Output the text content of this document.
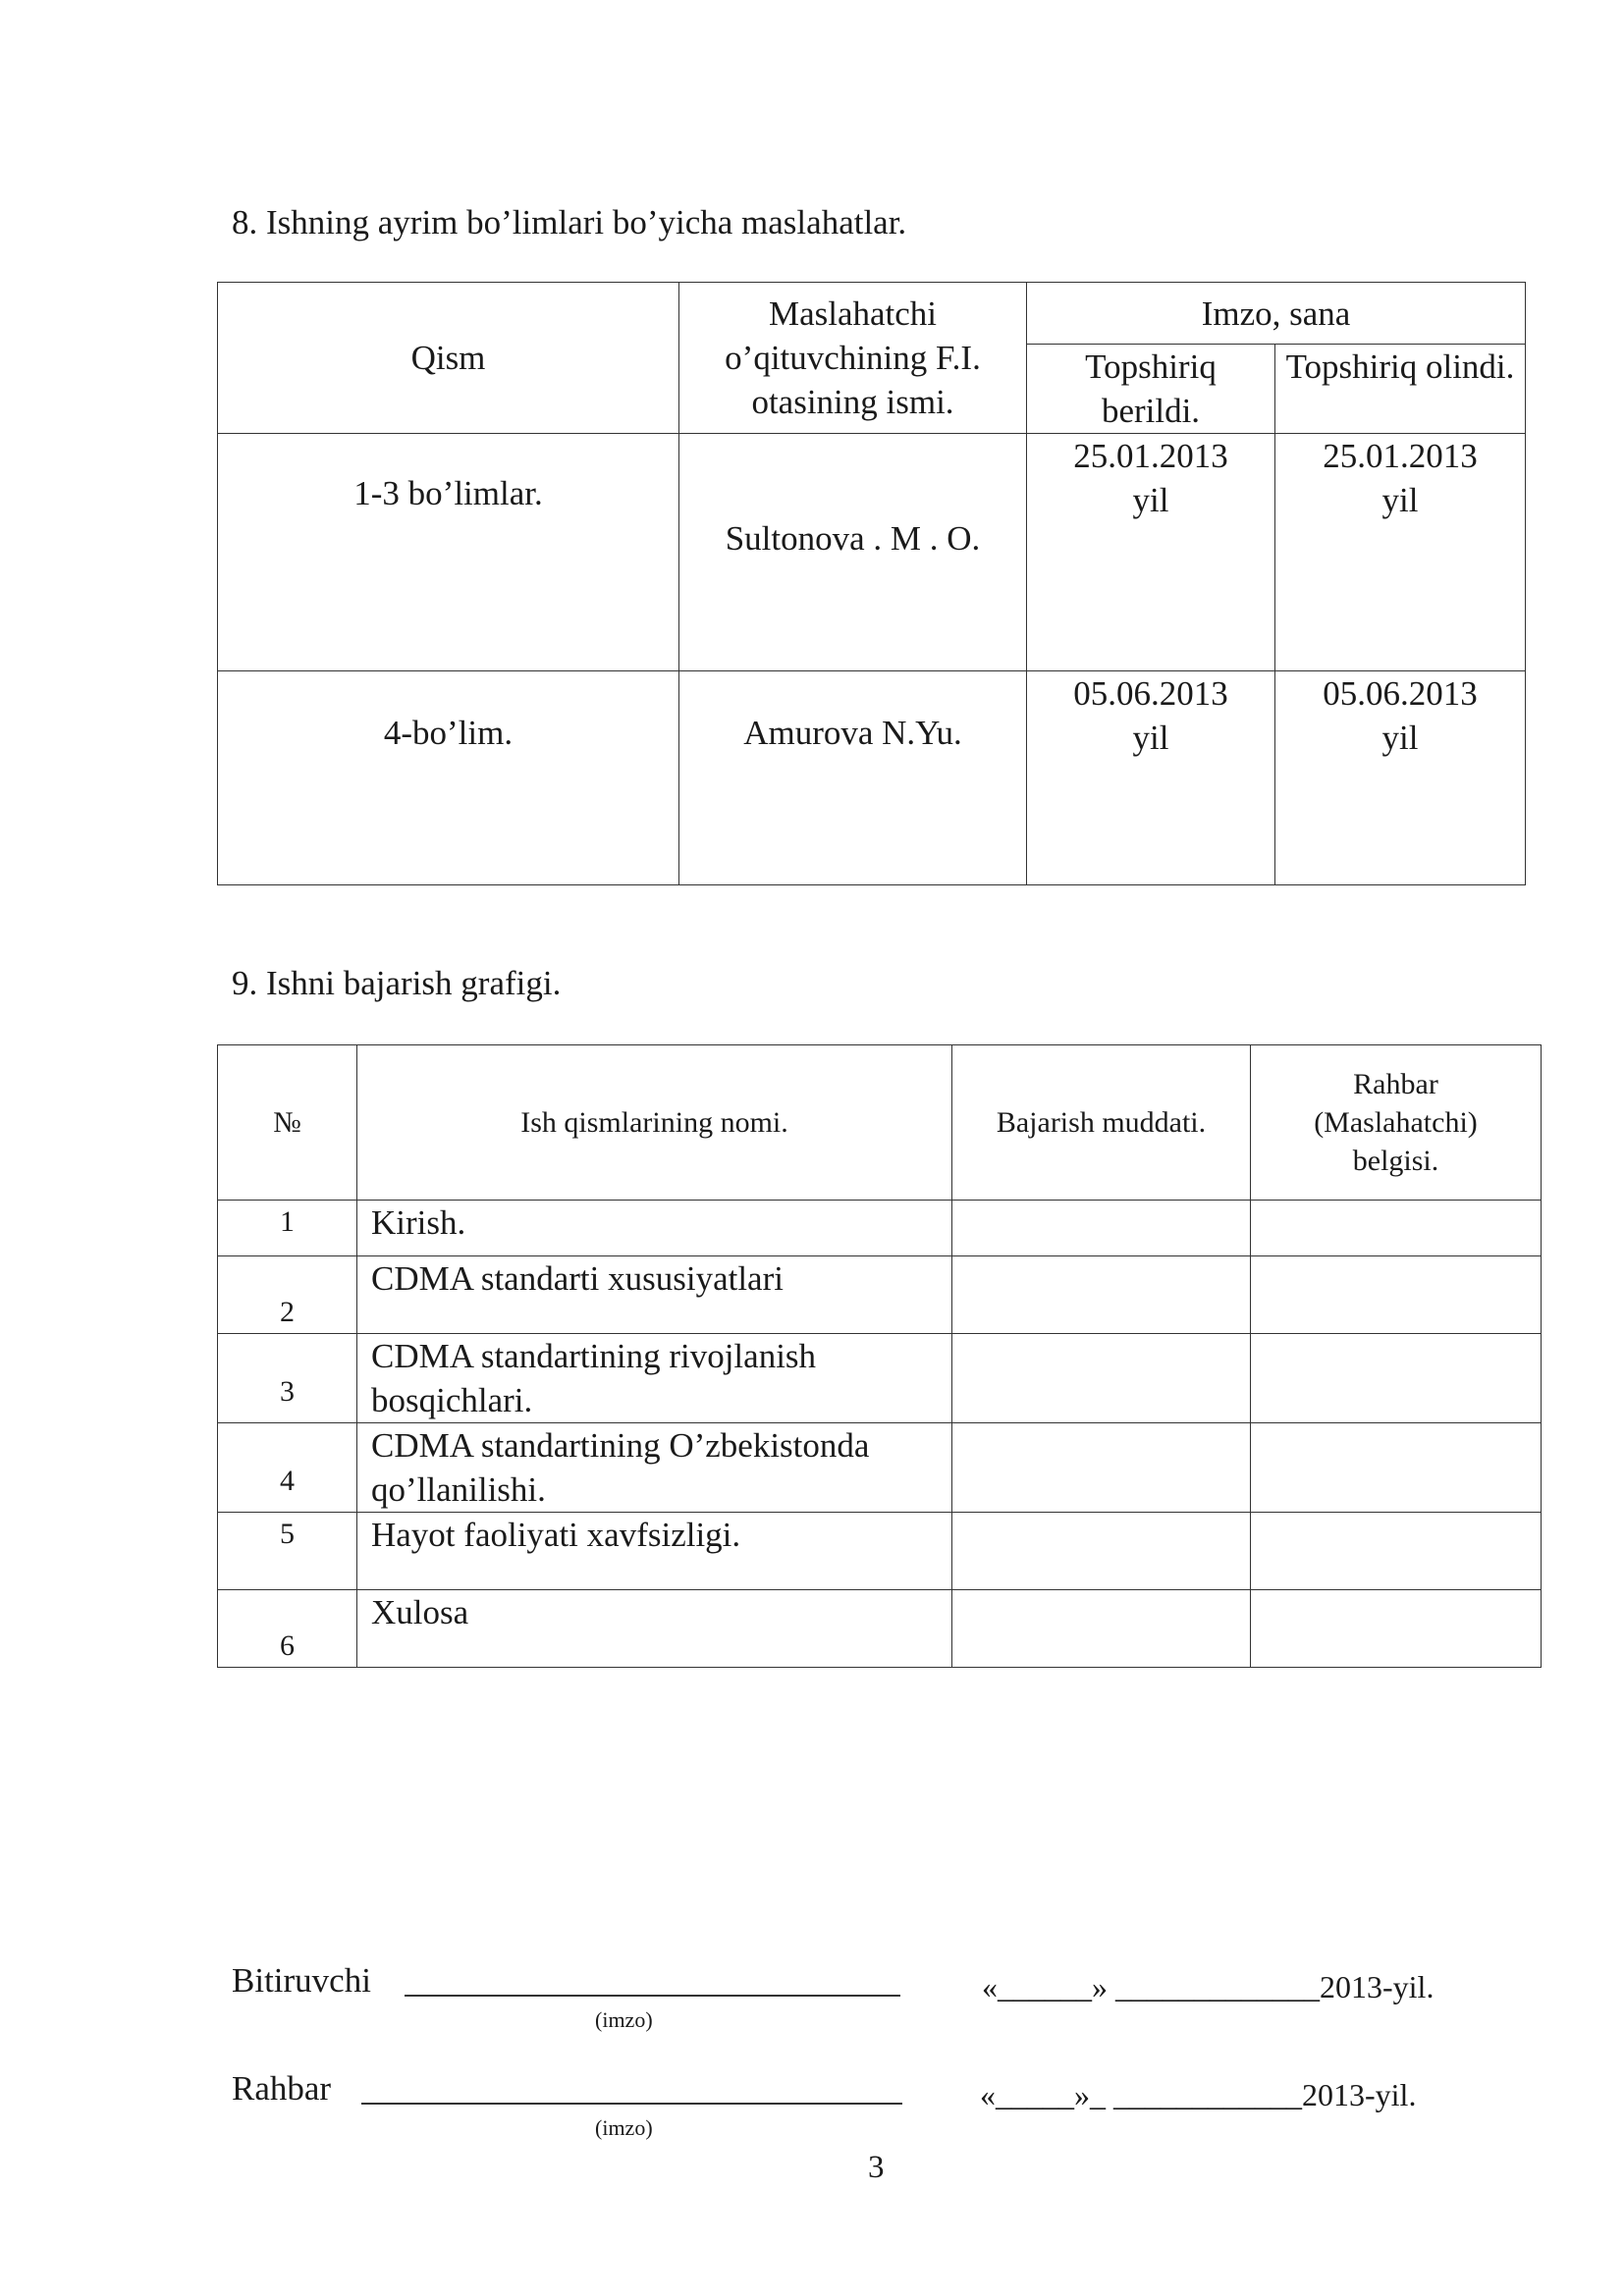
8. Ishning ayrim bo’limlari bo’yicha maslahatlar.
Qism	Maslahatchi o’qituvchining F.I. otasining ismi.	Imzo, sana	
		Topshiriq berildi.	Topshiriq olindi.
1-3 bo’limlar.	Sultonova . M . O.	25.01.2013 yil	25.01.2013 yil
4-bo’lim.	Amurova N.Yu.	05.06.2013 yil	05.06.2013 yil
9. Ishni bajarish grafigi.
№	Ish qismlarining nomi.	Bajarish muddati.	Rahbar (Maslahatchi) belgisi.
1	Kirish.		
2	CDMA standarti xususiyatlari		
3	CDMA standartining rivojlanish bosqichlari.		
4	CDMA standartining O’zbekistonda qo’llanilishi.		
5	Hayot faoliyati xavfsizligi.		
6	Xulosa		
Bitiruvchi
(imzo)
«______» _____________2013-yil.
Rahbar
(imzo)
«_____»_ ____________2013-yil.
3
